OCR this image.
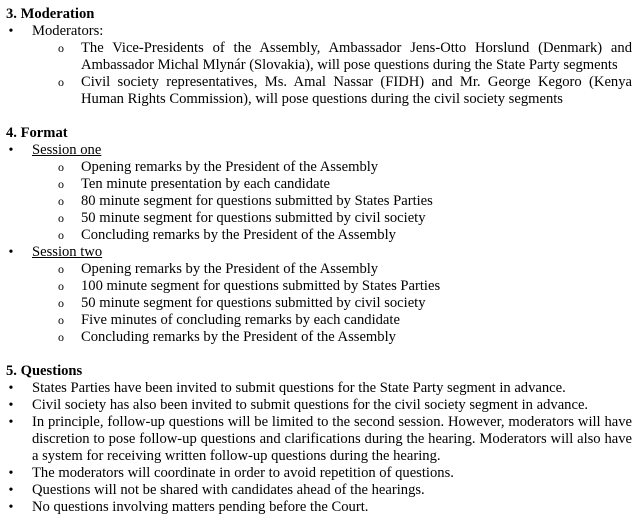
3. Moderation
• Moderators:
o The Vice-Presidents of the Assembly, Ambassador Jens-Otto Horslund (Denmark) and Ambassador Michal Mlynár (Slovakia), will pose questions during the State Party segments
o Civil society representatives, Ms. Amal Nassar (FIDH) and Mr. George Kegoro (Kenya Human Rights Commission), will pose questions during the civil society segments
4. Format
• Session one
o Opening remarks by the President of the Assembly
o Ten minute presentation by each candidate
o 80 minute segment for questions submitted by States Parties
o 50 minute segment for questions submitted by civil society
o Concluding remarks by the President of the Assembly
• Session two
o Opening remarks by the President of the Assembly
o 100 minute segment for questions submitted by States Parties
o 50 minute segment for questions submitted by civil society
o Five minutes of concluding remarks by each candidate
o Concluding remarks by the President of the Assembly
5. Questions
• States Parties have been invited to submit questions for the State Party segment in advance.
• Civil society has also been invited to submit questions for the civil society segment in advance.
• In principle, follow-up questions will be limited to the second session. However, moderators will have discretion to pose follow-up questions and clarifications during the hearing. Moderators will also have a system for receiving written follow-up questions during the hearing.
• The moderators will coordinate in order to avoid repetition of questions.
• Questions will not be shared with candidates ahead of the hearings.
• No questions involving matters pending before the Court.
